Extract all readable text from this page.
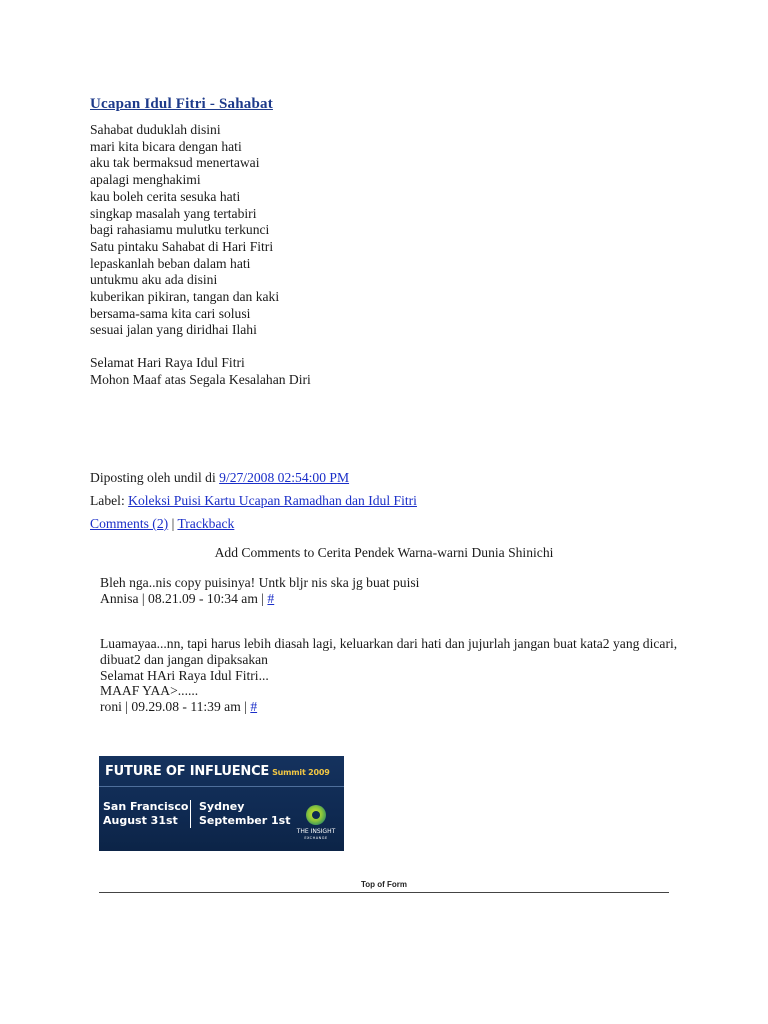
Ucapan Idul Fitri - Sahabat
Sahabat duduklah disini
mari kita bicara dengan hati
aku tak bermaksud menertawai
apalagi menghakimi
kau boleh cerita sesuka hati
singkap masalah yang tertabiri
bagi rahasiamu mulutku terkunci
Satu pintaku Sahabat di Hari Fitri
lepaskanlah beban dalam hati
untukmu aku ada disini
kuberikan pikiran, tangan dan kaki
bersama-sama kita cari solusi
sesuai jalan yang diridhai Ilahi
Selamat Hari Raya Idul Fitri
Mohon Maaf atas Segala Kesalahan Diri
Diposting oleh undil di 9/27/2008 02:54:00 PM
Label: Koleksi Puisi Kartu Ucapan Ramadhan dan Idul Fitri
Comments (2) | Trackback
Add Comments to Cerita Pendek Warna-warni Dunia Shinichi
Bleh nga..nis copy puisinya! Untk bljr nis ska jg buat puisi
Annisa | 08.21.09 - 10:34 am | #
Luamayaa...nn, tapi harus lebih diasah lagi, keluarkan dari hati dan jujurlah jangan buat kata2 yang dicari, dibuat2 dan jangan dipaksakan
Selamat HAri Raya Idul Fitri...
MAAF YAA>......
roni | 09.29.08 - 11:39 am | #
FUTURE OF INFLUENCE Summit 2009
San Francisco
August 31st
Sydney
September 1st
THE INSIGHT
EXCHANGE
Top of Form
